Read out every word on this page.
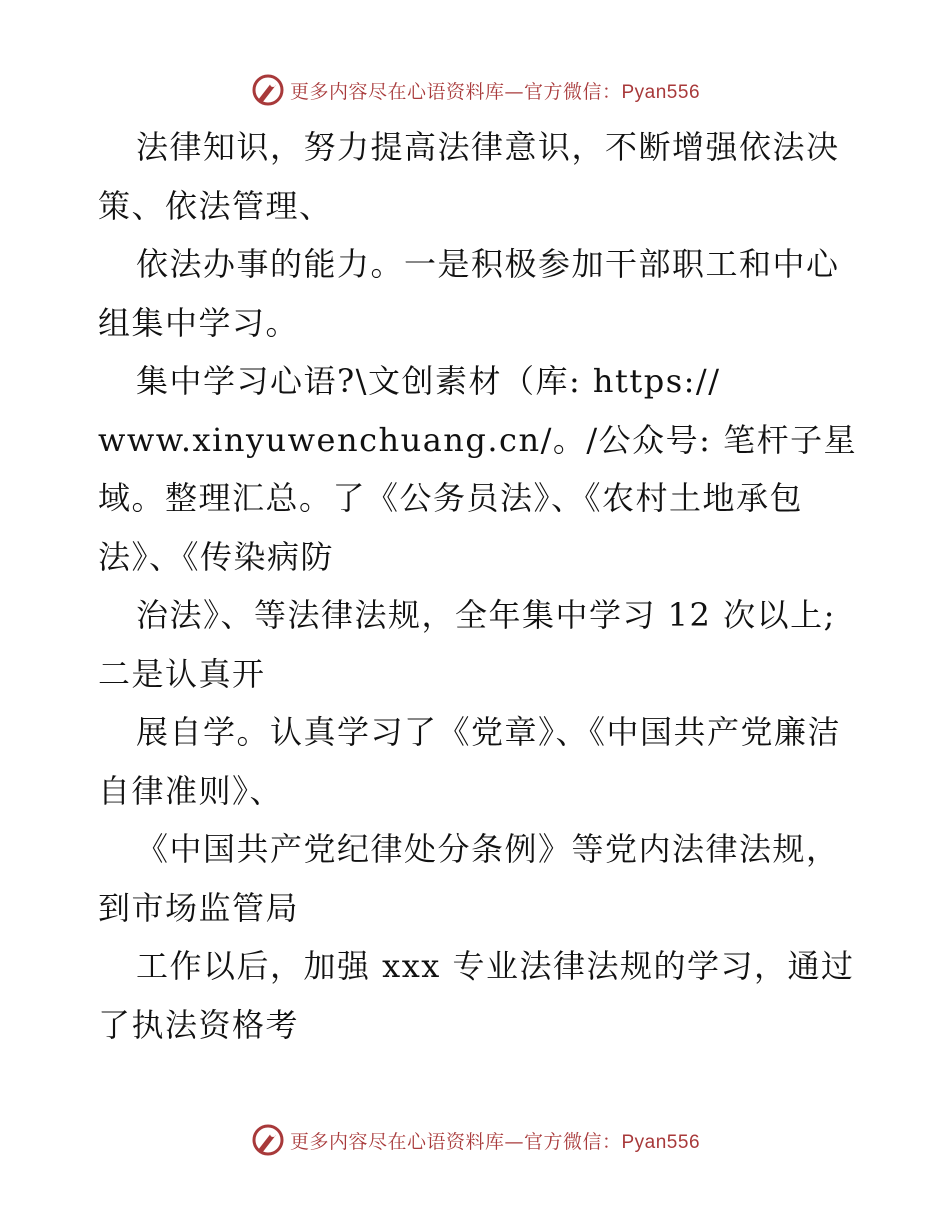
更多内容尽在心语资料库—官方微信：Pyan556

法律知识，努力提高法律意识，不断增强依法决策、依法管理、

依法办事的能力。一是积极参加干部职工和中心组集中学习。

集中学习心语?\文创素材（库: https://
www.xinyuwenchuang.cn/。/公众号: 笔杆子星
域。整理汇总。了《公务员法》、《农村土地承包法》、《传染病防

治法》、等法律法规，全年集中学习 12 次以上; 二是认真开

展自学。认真学习了《党章》、《中国共产党廉洁自律准则》、

《中国共产党纪律处分条例》等党内法律法规，到市场监管局

工作以后，加强 xxx 专业法律法规的学习，通过了执法资格考

更多内容尽在心语资料库—官方微信：Pyan556
